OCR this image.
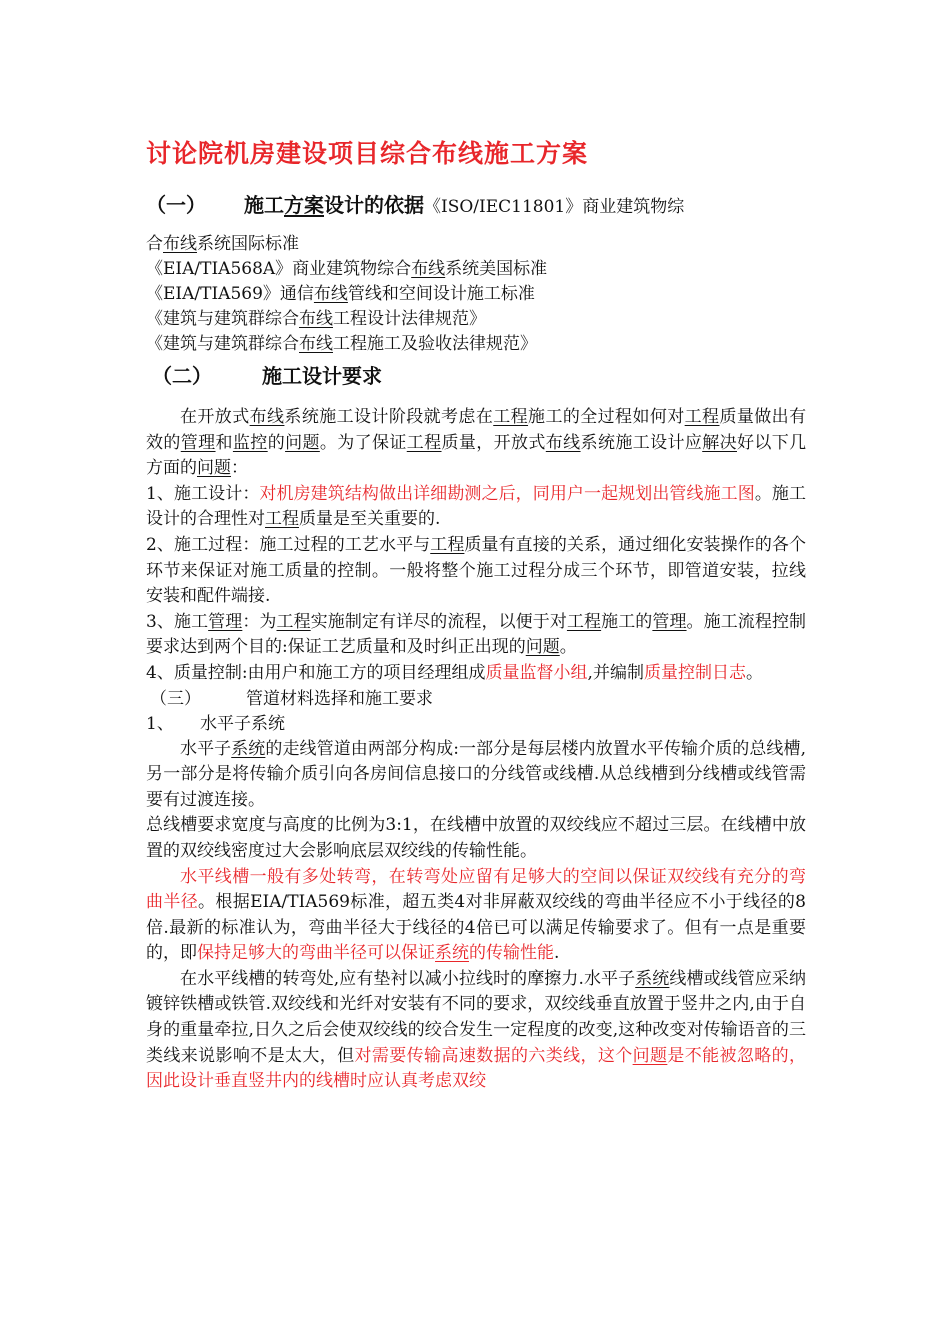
讨论院机房建设项目综合布线施工方案
（一） 施工方案设计的依据《ISO/IEC11801》商业建筑物综
合布线系统国际标准
《EIA/TIA568A》商业建筑物综合布线系统美国标准
《EIA/TIA569》通信布线管线和空间设计施工标准
《建筑与建筑群综合布线工程设计法律规范》
《建筑与建筑群综合布线工程施工及验收法律规范》
（二）	施工设计要求
在开放式布线系统施工设计阶段就考虑在工程施工的全过程如何对工程质量做出有效的管理和监控的问题。为了保证工程质量，开放式布线系统施工设计应解决好以下几方面的问题：
1、施工设计：对机房建筑结构做出详细勘测之后，同用户一起规划出管线施工图。施工设计的合理性对工程质量是至关重要的.
2、施工过程：施工过程的工艺水平与工程质量有直接的关系，通过细化安装操作的各个环节来保证对施工质量的控制。一般将整个施工过程分成三个环节，即管道安装，拉线安装和配件端接.
3、施工管理：为工程实施制定有详尽的流程，以便于对工程施工的管理。施工流程控制要求达到两个目的:保证工艺质量和及时纠正出现的问题。
4、质量控制:由用户和施工方的项目经理组成质量监督小组,并编制质量控制日志。
（三）	管道材料选择和施工要求
1、 水平子系统
水平子系统的走线管道由两部分构成:一部分是每层楼内放置水平传输介质的总线槽,另一部分是将传输介质引向各房间信息接口的分线管或线槽.从总线槽到分线槽或线管需要有过渡连接。
总线槽要求宽度与高度的比例为3:1，在线槽中放置的双绞线应不超过三层。在线槽中放置的双绞线密度过大会影响底层双绞线的传输性能。
水平线槽一般有多处转弯，在转弯处应留有足够大的空间以保证双绞线有充分的弯曲半径。根据EIA/TIA569标准，超五类4对非屏蔽双绞线的弯曲半径应不小于线径的8倍.最新的标准认为，弯曲半径大于线径的4倍已可以满足传输要求了。但有一点是重要的，即保持足够大的弯曲半径可以保证系统的传输性能.
在水平线槽的转弯处,应有垫衬以减小拉线时的摩擦力.水平子系统线槽或线管应采纳镀锌铁槽或铁管.双绞线和光纤对安装有不同的要求，双绞线垂直放置于竖井之内,由于自身的重量牵拉,日久之后会使双绞线的绞合发生一定程度的改变,这种改变对传输语音的三类线来说影响不是太大，但对需要传输高速数据的六类线，这个问题是不能被忽略的，因此设计垂直竖井内的线槽时应认真考虑双绞
